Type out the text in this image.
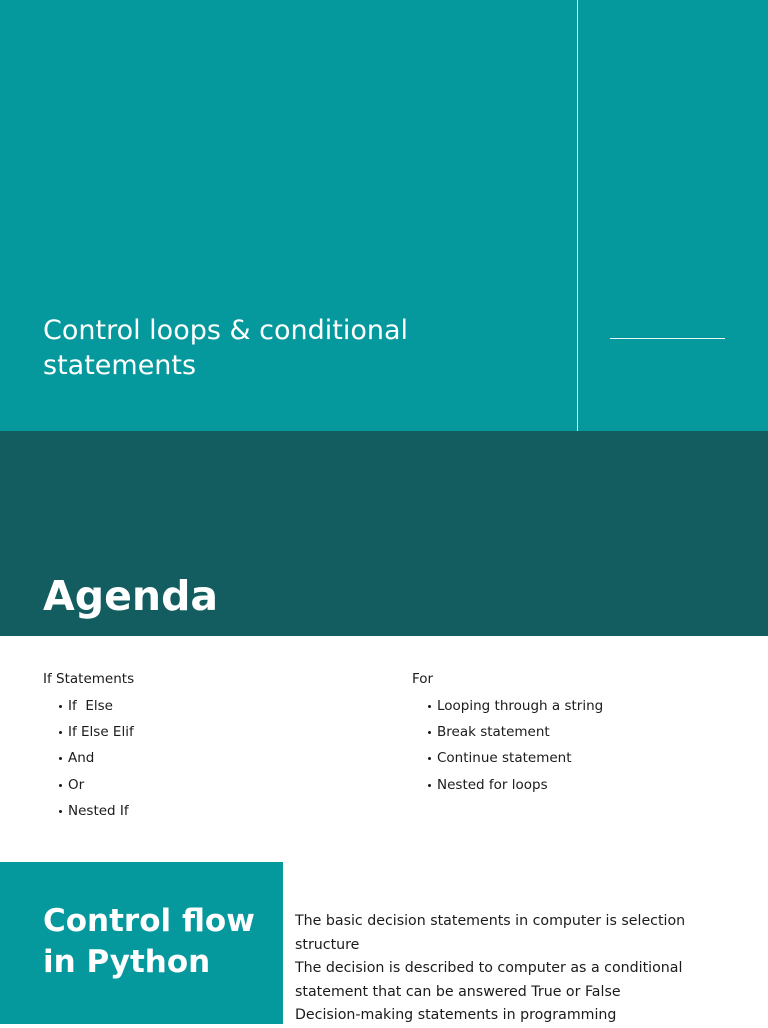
Control loops & conditional
statements
Agenda
If Statements
If  Else
If Else Elif
And
Or
Nested If
For
Looping through a string
Break statement
Continue statement
Nested for loops
Control flow
in Python
The basic decision statements in computer is selection
structure
The decision is described to computer as a conditional
statement that can be answered True or False
Decision-making statements in programming
